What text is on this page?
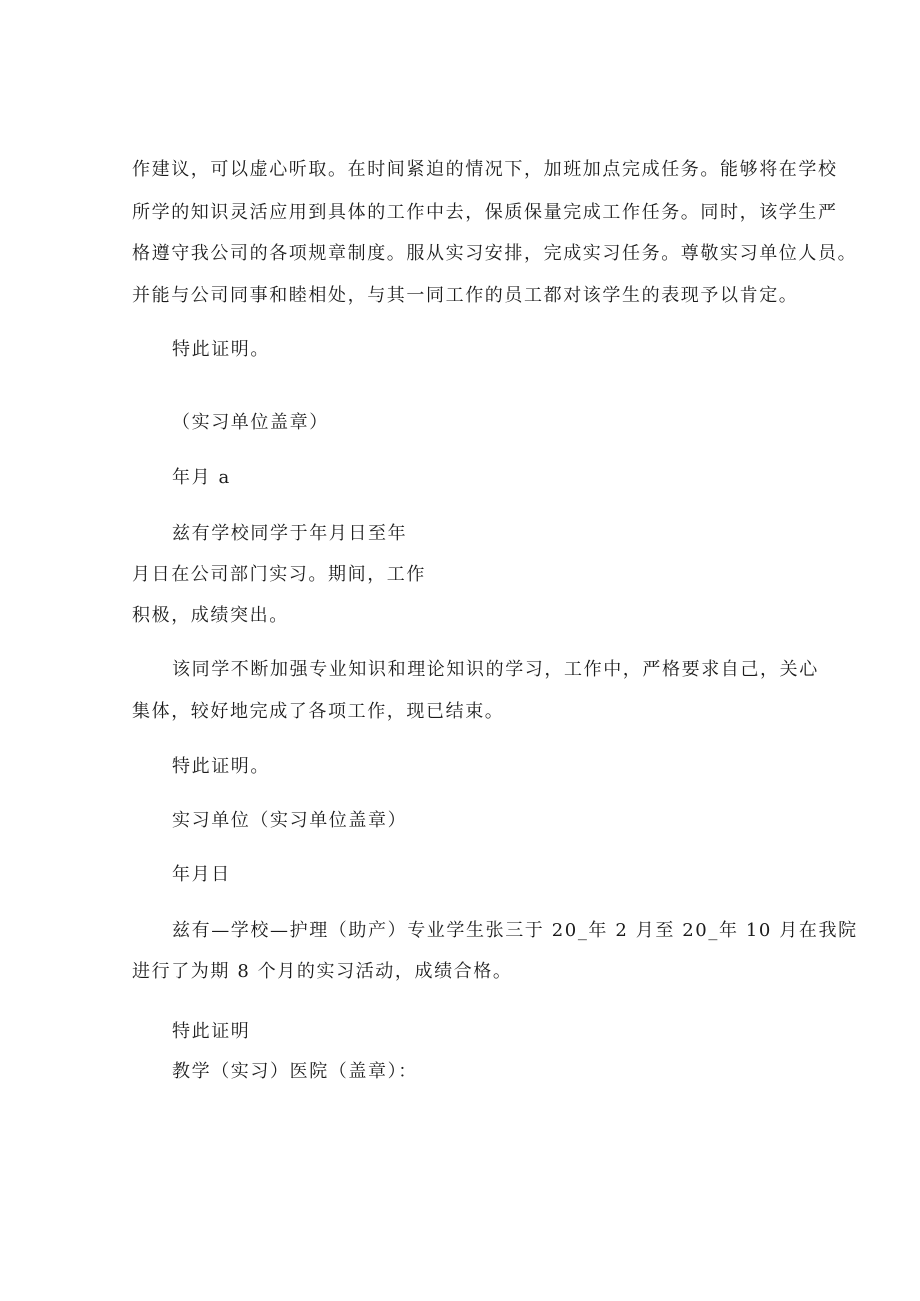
作建议，可以虚心听取。在时间紧迫的情况下，加班加点完成任务。能够将在学校

所学的知识灵活应用到具体的工作中去，保质保量完成工作任务。同时，该学生严

格遵守我公司的各项规章制度。服从实习安排，完成实习任务。尊敬实习单位人员。

并能与公司同事和睦相处，与其一同工作的员工都对该学生的表现予以肯定。

特此证明。

（实习单位盖章）

年月 a

兹有学校同学于年月日至年

月日在公司部门实习。期间，工作

积极，成绩突出。

该同学不断加强专业知识和理论知识的学习，工作中，严格要求自己，关心

集体，较好地完成了各项工作，现已结束。

特此证明。

实习单位（实习单位盖章）

年月日

兹有—学校—护理（助产）专业学生张三于 20_年 2 月至 20_年 10 月在我院

进行了为期 8 个月的实习活动，成绩合格。

特此证明

教学（实习）医院（盖章）：
